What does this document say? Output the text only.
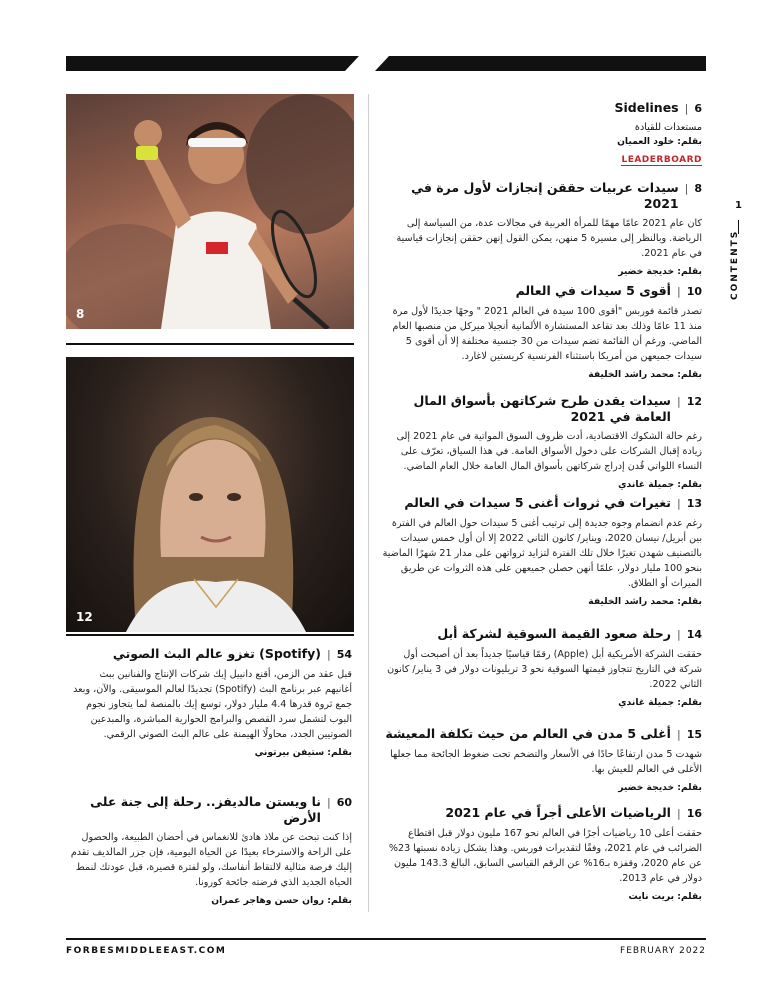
8
12
1
CONTENTS
6
|
Sidelines
مستعدات للقيادة
بقلم: خلود العميان
LEADERBOARD
8
|
سيدات عربيات حققن إنجازات لأول مرة في 2021
كان عام 2021 عامًا مهمًا للمرأة العربية في مجالات عدة، من السياسة إلى الرياضة. وبالنظر إلى مسيرة 5 منهن، يمكن القول إنهن حققن إنجازات قياسية في عام 2021.
بقلم: خديجة خضير
10
|
أقوى 5 سيدات في العالم
تصدر قائمة فوربس "أقوى 100 سيدة في العالم 2021 " وجهًا جديدًا لأول مرة منذ 11 عامًا وذلك بعد تقاعد المستشارة الألمانية أنجيلا ميركل من منصبها العام الماضي. ورغم أن القائمة تضم سيدات من 30 جنسية مختلفة إلا أن أقوى 5 سيدات جميعهن من أمريكا باستثناء الفرنسية كريستين لاغارد.
بقلم: محمد راشد الخليفة
12
|
سيدات يقدن طرح شركاتهن بأسواق المال العامة في 2021
رغم حالة الشكوك الاقتصادية، أدت ظروف السوق المواتية في عام 2021 إلى زيادة إقبال الشركات على دخول الأسواق العامة. في هذا السياق، تعرّف على النساء اللواتي قُدن إدراج شركاتهن بأسواق المال العامة خلال العام الماضي.
بقلم: جميلة غاندي
13
|
تغيرات في ثروات أغنى 5 سيدات في العالم
رغم عدم انضمام وجوه جديدة إلى ترتيب أغنى 5 سيدات حول العالم في الفترة بين أبريل/ نيسان 2020، ويناير/ كانون الثاني 2022 إلا أن أول خمس سيدات بالتصنيف شهدن تغيرًا خلال تلك الفترة لتزايد ثرواتهن على مدار 21 شهرًا الماضية بنحو 100 مليار دولار، علمًا أنهن حصلن جميعهن على هذه الثروات عن طريق الميراث أو الطلاق.
بقلم: محمد راشد الخليفة
14
|
رحلة صعود القيمة السوقية لشركة أبل
حققت الشركة الأمريكية أبل (Apple) رقمًا قياسيًا جديداً بعد أن أصبحت أول شركة في التاريخ تتجاوز قيمتها السوقية نحو 3 تريليونات دولار في 3 يناير/ كانون الثاني 2022.
بقلم: جميلة غاندي
15
|
أغلى 5 مدن في العالم من حيث تكلفة المعيشة
شهدت 5 مدن ارتفاعًا حادًا في الأسعار والتضخم تحت ضغوط الجائحة مما جعلها الأغلى في العالم للعيش بها.
بقلم: خديجة خضير
16
|
الرياضيات الأعلى أجراً في عام 2021
حققت أعلى 10 رياضيات أجرًا في العالم نحو 167 مليون دولار قبل اقتطاع الضرائب في عام 2021، وفقًا لتقديرات فوربس. وهذا يشكل زيادة نسبتها 23% عن عام 2020، وقفزة بـ16% عن الرقم القياسي السابق، البالغ 143.3 مليون دولار في عام 2013.
بقلم: بريت نايت
54
|
(Spotify) تغزو عالم البث الصوتي
قبل عقد من الزمن، أقنع دانييل إيك شركات الإنتاج والفنانين ببث أغانيهم عبر برنامج البث (Spotify) تجديدًا لعالم الموسيقى. والآن، وبعد جمع ثروة قدرها 4.4 مليار دولار، توسع إيك بالمنصة لما يتجاوز نجوم البوب لتشمل سرد القصص والبرامج الحوارية المباشرة، والمبدعين الصوتيين الجدد، محاولًا الهيمنة على عالم البث الصوتي الرقمي.
بقلم: ستيفن بيرتوني
60
|
نا ويستن مالديفز.. رحلة إلى جنة على الأرض
إذا كنت تبحث عن ملاذ هادئ للانغماس في أحضان الطبيعة، والحصول على الراحة والاسترخاء بعيدًا عن الحياة اليومية، فإن جزر المالديف تقدم إليك فرصة مثالية لالتقاط أنفاسك، ولو لفترة قصيرة، قبل عودتك لنمط الحياة الجديد الذي فرضته جائحة كورونا.
بقلم: روان حسن وهاجر عمران
FORBESMIDDLEEAST.COM	FEBRUARY 2022
